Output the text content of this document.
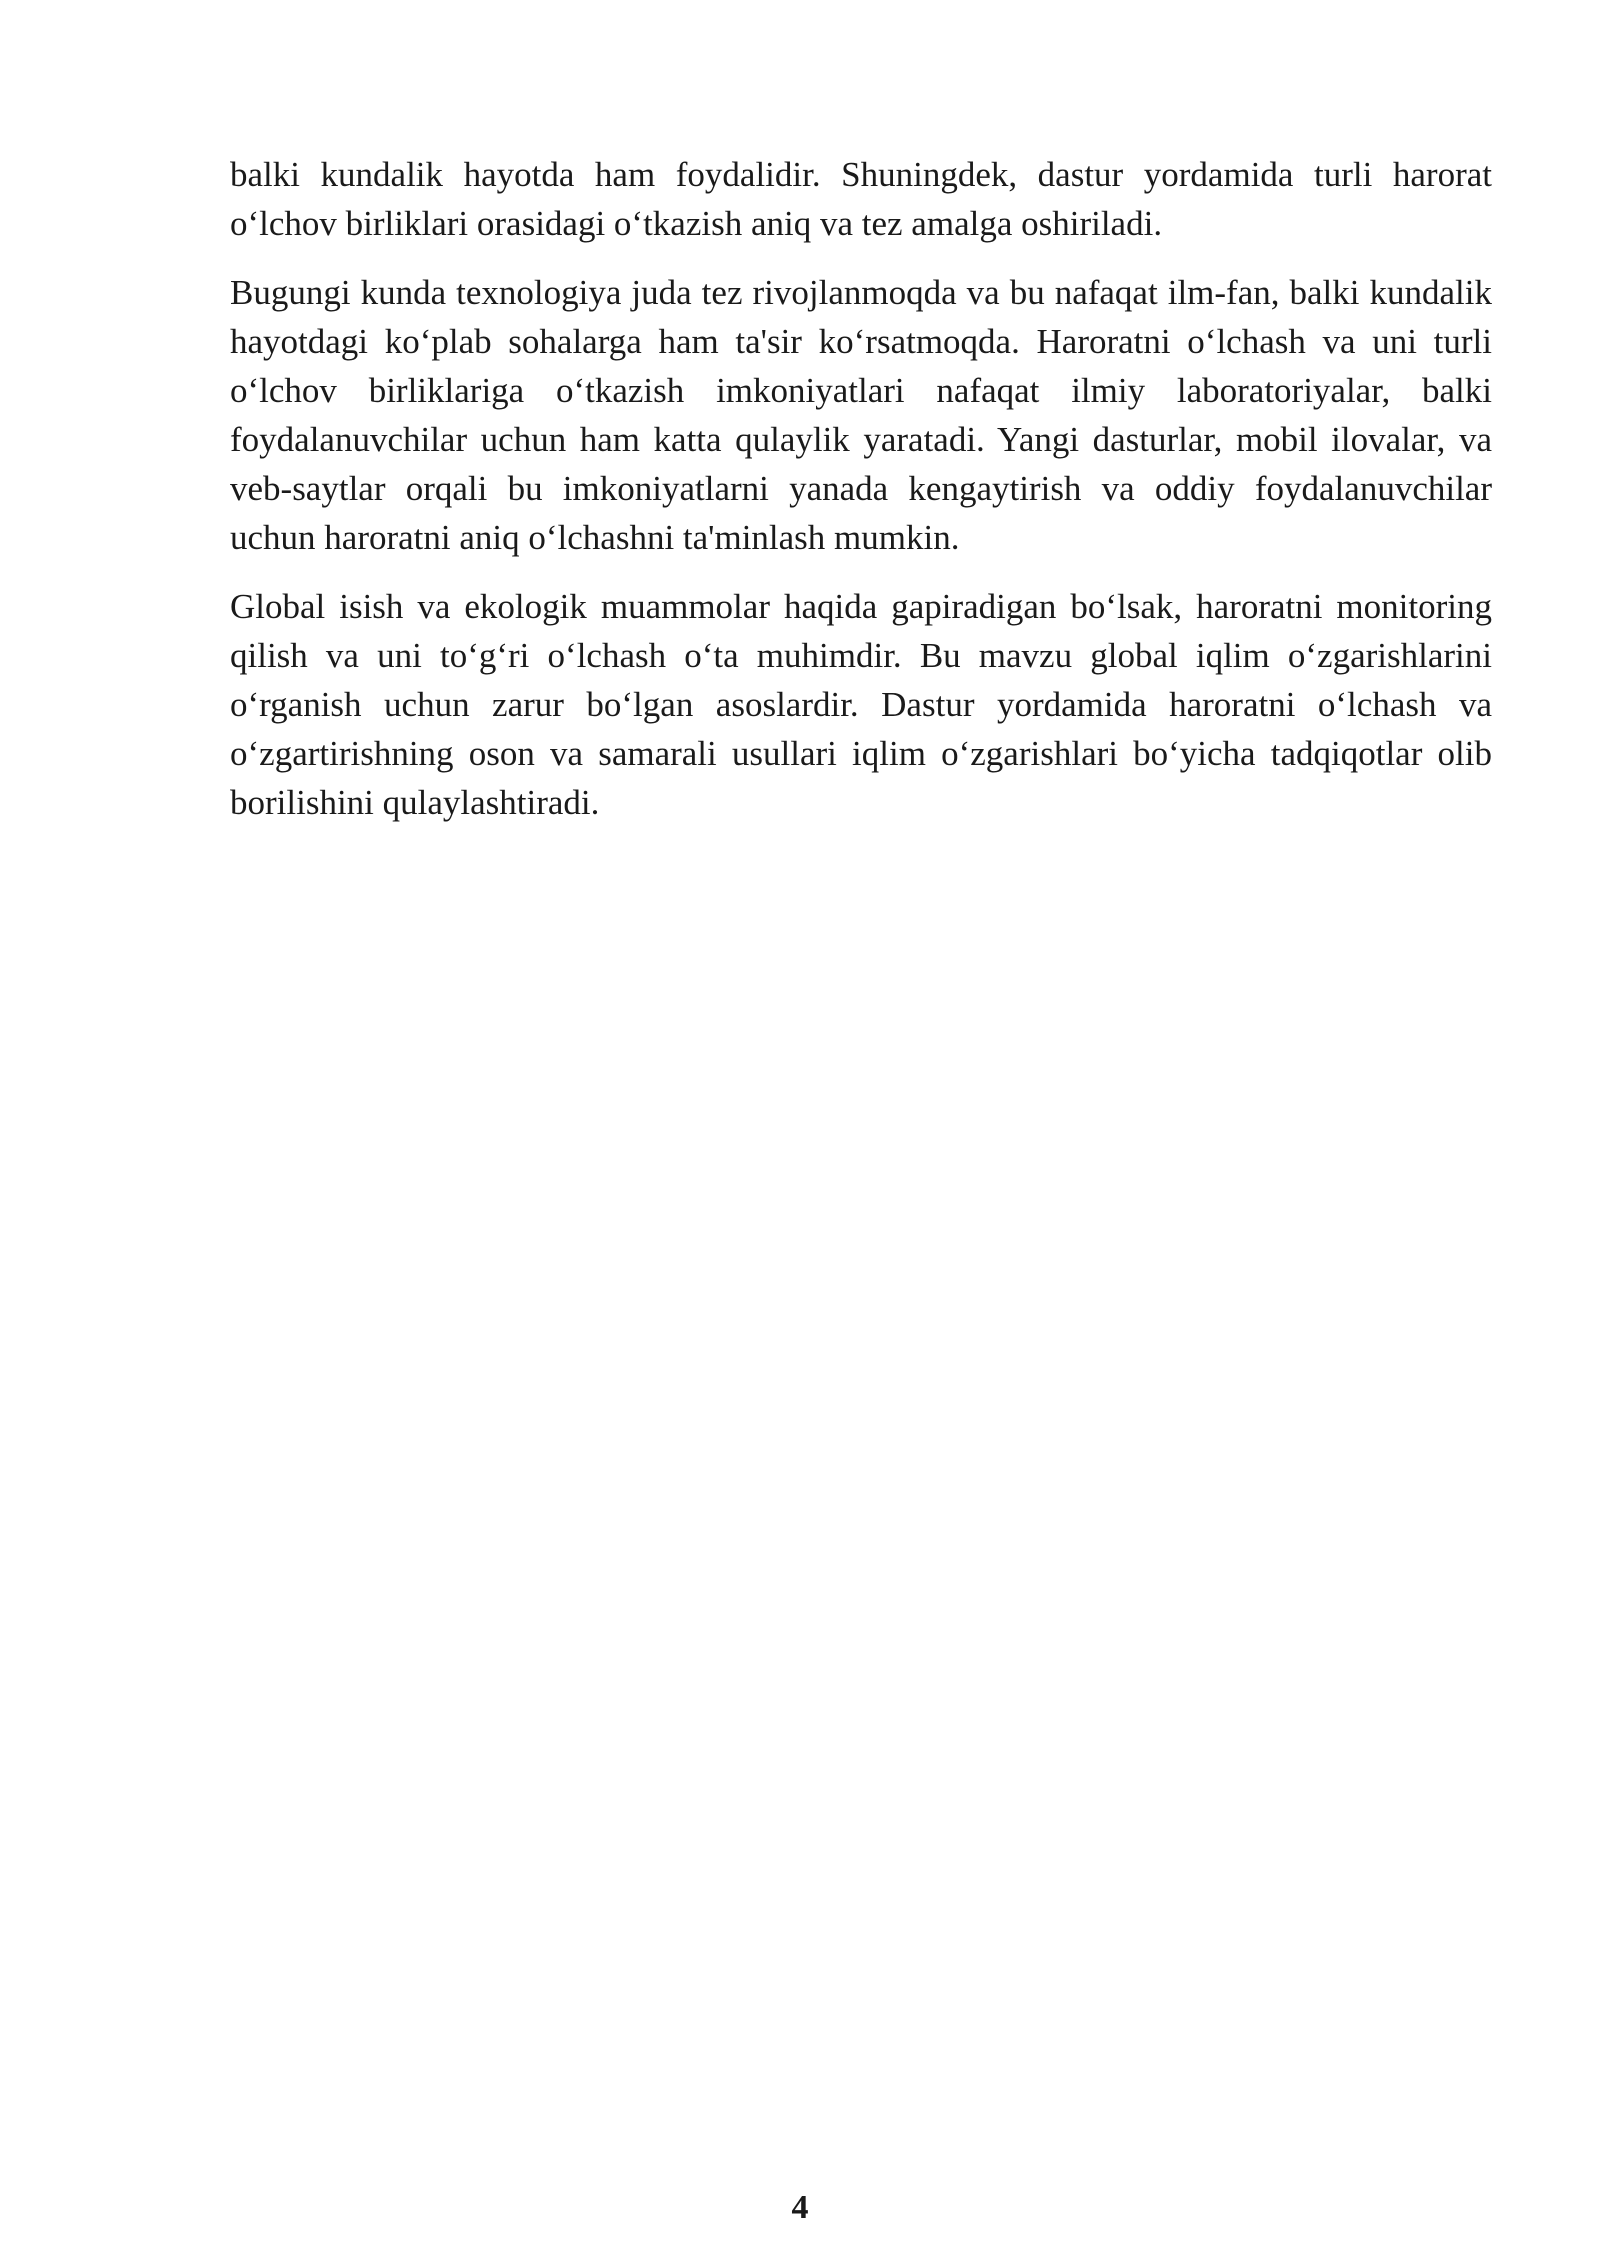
balki kundalik hayotda ham foydalidir. Shuningdek, dastur yordamida turli harorat o‘lchov birliklari orasidagi o‘tkazish aniq va tez amalga oshiriladi.

Bugungi kunda texnologiya juda tez rivojlanmoqda va bu nafaqat ilm-fan, balki kundalik hayotdagi ko‘plab sohalarga ham ta'sir ko‘rsatmoqda. Haroratni o‘lchash va uni turli o‘lchov birliklariga o‘tkazish imkoniyatlari nafaqat ilmiy laboratoriyalar, balki foydalanuvchilar uchun ham katta qulaylik yaratadi. Yangi dasturlar, mobil ilovalar, va veb-saytlar orqali bu imkoniyatlarni yanada kengaytirish va oddiy foydalanuvchilar uchun haroratni aniq o‘lchashni ta'minlash mumkin.

Global isish va ekologik muammolar haqida gapiradigan bo‘lsak, haroratni monitoring qilish va uni to‘g‘ri o‘lchash o‘ta muhimdir. Bu mavzu global iqlim o‘zgarishlarini o‘rganish uchun zarur bo‘lgan asoslardir. Dastur yordamida haroratni o‘lchash va o‘zgartirishning oson va samarali usullari iqlim o‘zgarishlari bo‘yicha tadqiqotlar olib borilishini qulaylashtiradi.

4
